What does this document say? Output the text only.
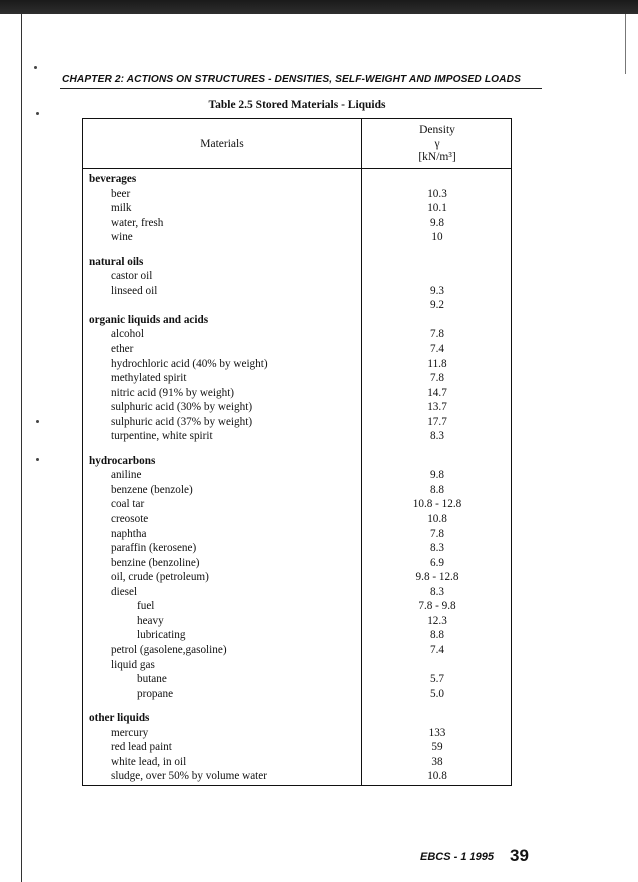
CHAPTER 2: ACTIONS ON STRUCTURES - DENSITIES, SELF-WEIGHT AND IMPOSED LOADS
Table 2.5 Stored Materials - Liquids
Materials
Density
γ
[kN/m³]
beverages
beer	10.3
milk	10.1
water, fresh	9.8
wine	10
natural oils
castor oil
linseed oil	9.3
9.2
organic liquids and acids
alcohol	7.8
ether	7.4
hydrochloric acid (40% by weight)	11.8
methylated spirit	7.8
nitric acid (91% by weight)	14.7
sulphuric acid (30% by weight)	13.7
sulphuric acid (37% by weight)	17.7
turpentine, white spirit	8.3
hydrocarbons
aniline	9.8
benzene (benzole)	8.8
coal tar	10.8 - 12.8
creosote	10.8
naphtha	7.8
paraffin (kerosene)	8.3
benzine (benzoline)	6.9
oil, crude (petroleum)	9.8 - 12.8
diesel	8.3
fuel	7.8 - 9.8
heavy	12.3
lubricating	8.8
petrol (gasolene,gasoline)	7.4
liquid gas
butane	5.7
propane	5.0
other liquids
mercury	133
red lead paint	59
white lead, in oil	38
sludge, over 50% by volume water	10.8
EBCS - 1 1995 39
